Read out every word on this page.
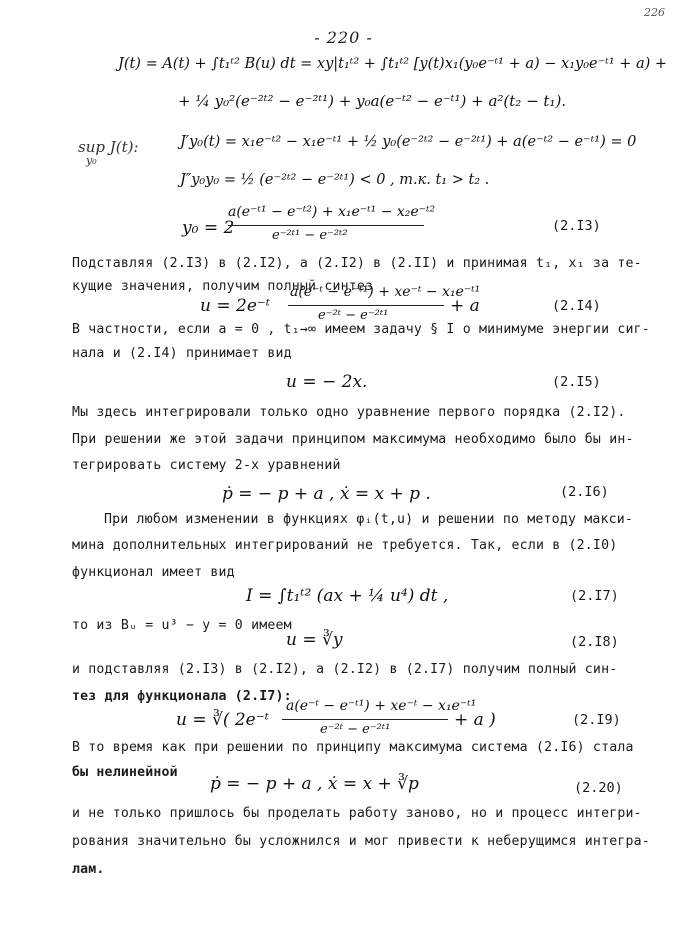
226
- 220 -
J(t) = A(t) + ∫t₁ᵗ² B(u) dt = xy|t₁ᵗ² + ∫t₁ᵗ² [y(t)x₁(y₀e⁻ᵗ¹ + a) − x₁y₀e⁻ᵗ¹ + a) +
+ ¼ y₀²(e⁻²ᵗ² − e⁻²ᵗ¹) + y₀a(e⁻ᵗ² − e⁻ᵗ¹) + a²(t₂ − t₁).
sup J(t):
y₀
J′y₀(t) = x₁e⁻ᵗ² − x₁e⁻ᵗ¹ + ½ y₀(e⁻²ᵗ² − e⁻²ᵗ¹) + a(e⁻ᵗ² − e⁻ᵗ¹) = 0
J″y₀y₀ = ½ (e⁻²ᵗ² − e⁻²ᵗ¹) < 0 , т.к. t₁ > t₂ .
y₀ = 2
a(e⁻ᵗ¹ − e⁻ᵗ²) + x₁e⁻ᵗ¹ − x₂e⁻ᵗ²
e⁻²ᵗ¹ − e⁻²ᵗ²
(2.I3)
Подставляя (2.I3) в (2.I2), а (2.I2) в (2.II) и принимая t₁, x₁ за те-
кущие значения, получим полный синтез
u = 2e⁻ᵗ
a(e⁻ᵗ − e⁻ᵗ¹) + xe⁻ᵗ − x₁e⁻ᵗ¹
e⁻²ᵗ − e⁻²ᵗ¹	+ a	(2.I4)
В частности, если a = 0 , t₁→∞ имеем задачу § I о минимуме энергии сиг-
нала и (2.I4) принимает вид
u = − 2x.	(2.I5)
Мы здесь интегрировали только одно уравнение первого порядка (2.I2).
При решении же этой задачи принципом максимума необходимо было бы ин-
тегрировать систему 2-х уравнений
ṗ = − p + a , ẋ = x + p .	(2.I6)
При любом изменении в функциях φᵢ(t,u) и решении по методу макси-
мина дополнительных интегрирований не требуется. Так, если в (2.I0)
функционал имеет вид
I = ∫t₁ᵗ² (ax + ¼ u⁴) dt ,	(2.I7)
то из Bᵤ = u³ − y = 0 имеем
u = ∛y	(2.I8)
и подставляя (2.I3) в (2.I2), а (2.I2) в (2.I7) получим полный син-
тез для функционала (2.I7):
u = ∛( 2e⁻ᵗ
a(e⁻ᵗ − e⁻ᵗ¹) + xe⁻ᵗ − x₁e⁻ᵗ¹
e⁻²ᵗ − e⁻²ᵗ¹	+ a )	(2.I9)
В то время как при решении по принципу максимума система (2.I6) стала
бы нелинейной
ṗ = − p + a , ẋ = x + ∛p	(2.20)
и не только пришлось бы проделать работу заново, но и процесс интегри-
рования значительно бы усложнился и мог привести к неберущимся интегра-
лам.
